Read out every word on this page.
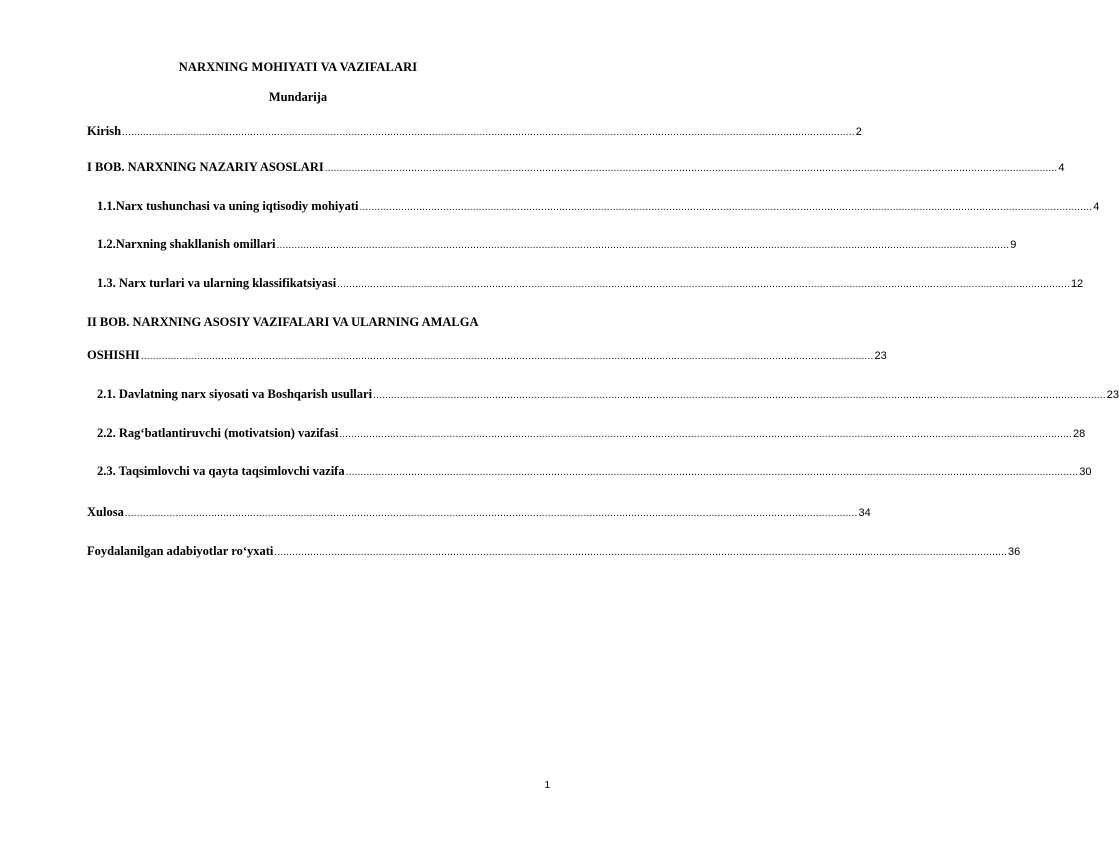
NARXNING MOHIYATI VA VAZIFALARI
Mundarija
Kirish ...................................................................................................................................................................................................................................................... 2
I BOB. NARXNING NAZARIY ASOSLARI ...................................................................................................................................................................................................................................................... 4
1.1. Narx tushunchasi va uning iqtisodiy mohiyati ...................................................................................................................................................................................................................................................... 4
1.2. Narxning shakllanish omillari ...................................................................................................................................................................................................................................................... 9
1.3. Narx turlari va ularning klassifikatsiyasi ...................................................................................................................................................................................................................................................... 12
II BOB. NARXNING ASOSIY VAZIFALARI VA ULARNING AMALGA
OSHISHI ...................................................................................................................................................................................................................................................... 23
2.1. Davlatning narx siyosati va Boshqarish usullari ...................................................................................................................................................................................................................................................... 23
2.2. Rag‘batlantiruvchi (motivatsion) vazifasi ...................................................................................................................................................................................................................................................... 28
2.3. Taqsimlovchi va qayta taqsimlovchi vazifa ...................................................................................................................................................................................................................................................... 30
Xulosa ...................................................................................................................................................................................................................................................... 34
Foydalanilgan adabiyotlar ro‘yxati ...................................................................................................................................................................................................................................................... 36
1
